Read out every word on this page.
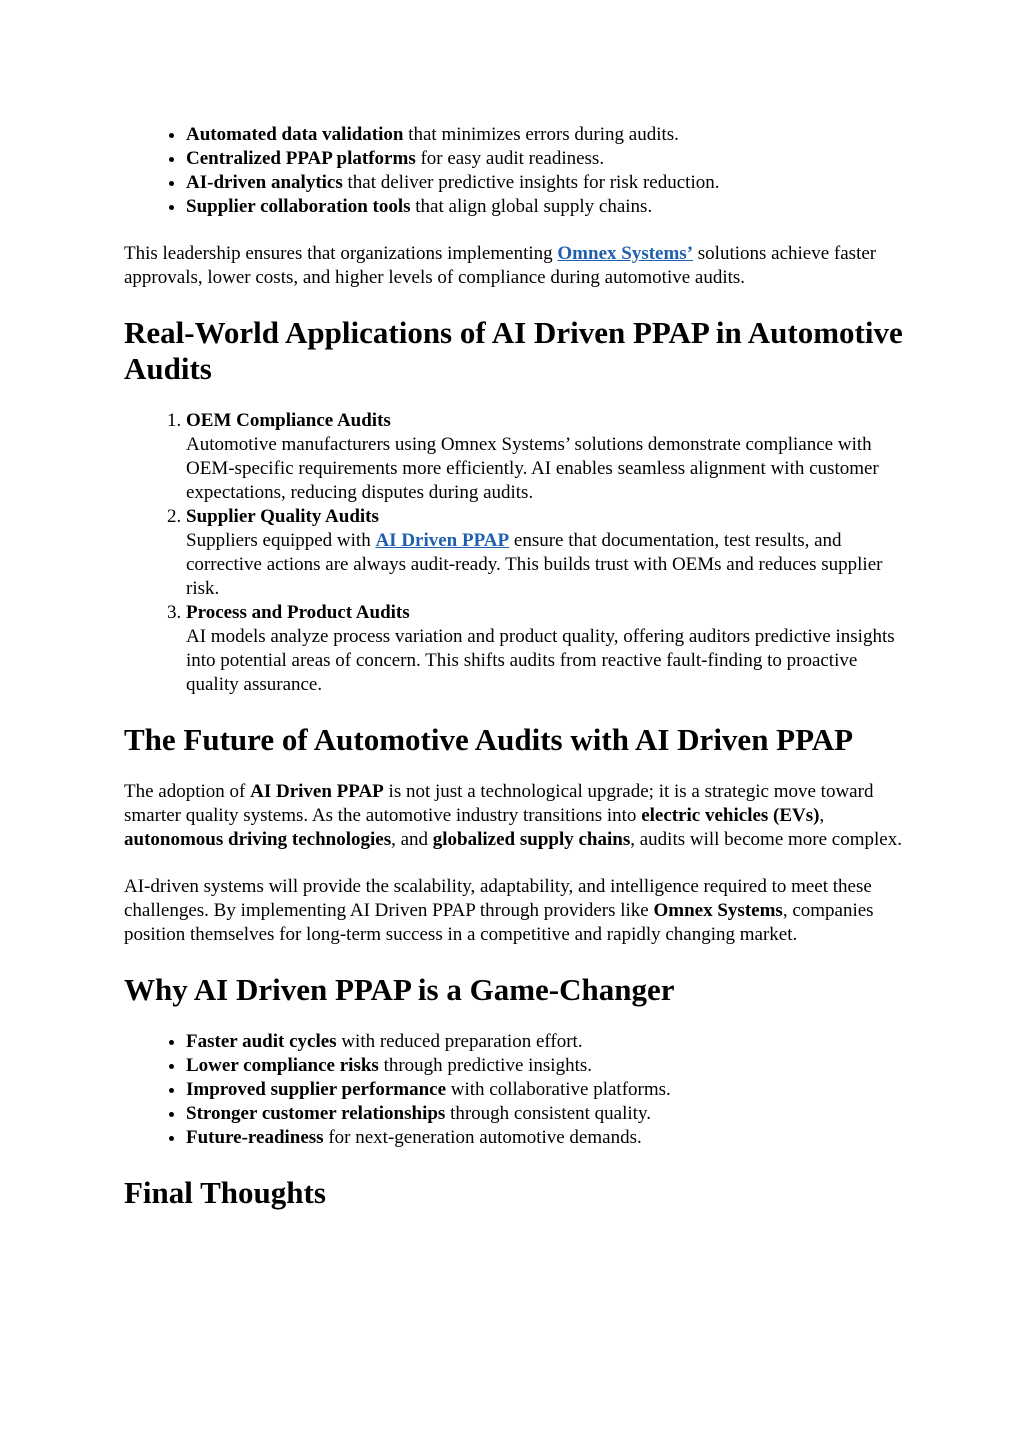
• Automated data validation that minimizes errors during audits.
• Centralized PPAP platforms for easy audit readiness.
• AI-driven analytics that deliver predictive insights for risk reduction.
• Supplier collaboration tools that align global supply chains.

This leadership ensures that organizations implementing Omnex Systems’ solutions achieve faster approvals, lower costs, and higher levels of compliance during automotive audits.

Real-World Applications of AI Driven PPAP in Automotive Audits
1. OEM Compliance Audits
Automotive manufacturers using Omnex Systems’ solutions demonstrate compliance with OEM-specific requirements more efficiently. AI enables seamless alignment with customer expectations, reducing disputes during audits.
2. Supplier Quality Audits
Suppliers equipped with AI Driven PPAP ensure that documentation, test results, and corrective actions are always audit-ready. This builds trust with OEMs and reduces supplier risk.
3. Process and Product Audits
AI models analyze process variation and product quality, offering auditors predictive insights into potential areas of concern. This shifts audits from reactive fault-finding to proactive quality assurance.
The Future of Automotive Audits with AI Driven PPAP

The adoption of AI Driven PPAP is not just a technological upgrade; it is a strategic move toward smarter quality systems. As the automotive industry transitions into electric vehicles (EVs), autonomous driving technologies, and globalized supply chains, audits will become more complex.

AI-driven systems will provide the scalability, adaptability, and intelligence required to meet these challenges. By implementing AI Driven PPAP through providers like Omnex Systems, companies position themselves for long-term success in a competitive and rapidly changing market.

Why AI Driven PPAP is a Game-Changer
• Faster audit cycles with reduced preparation effort.
• Lower compliance risks through predictive insights.
• Improved supplier performance with collaborative platforms.
• Stronger customer relationships through consistent quality.
• Future-readiness for next-generation automotive demands.
Final Thoughts
